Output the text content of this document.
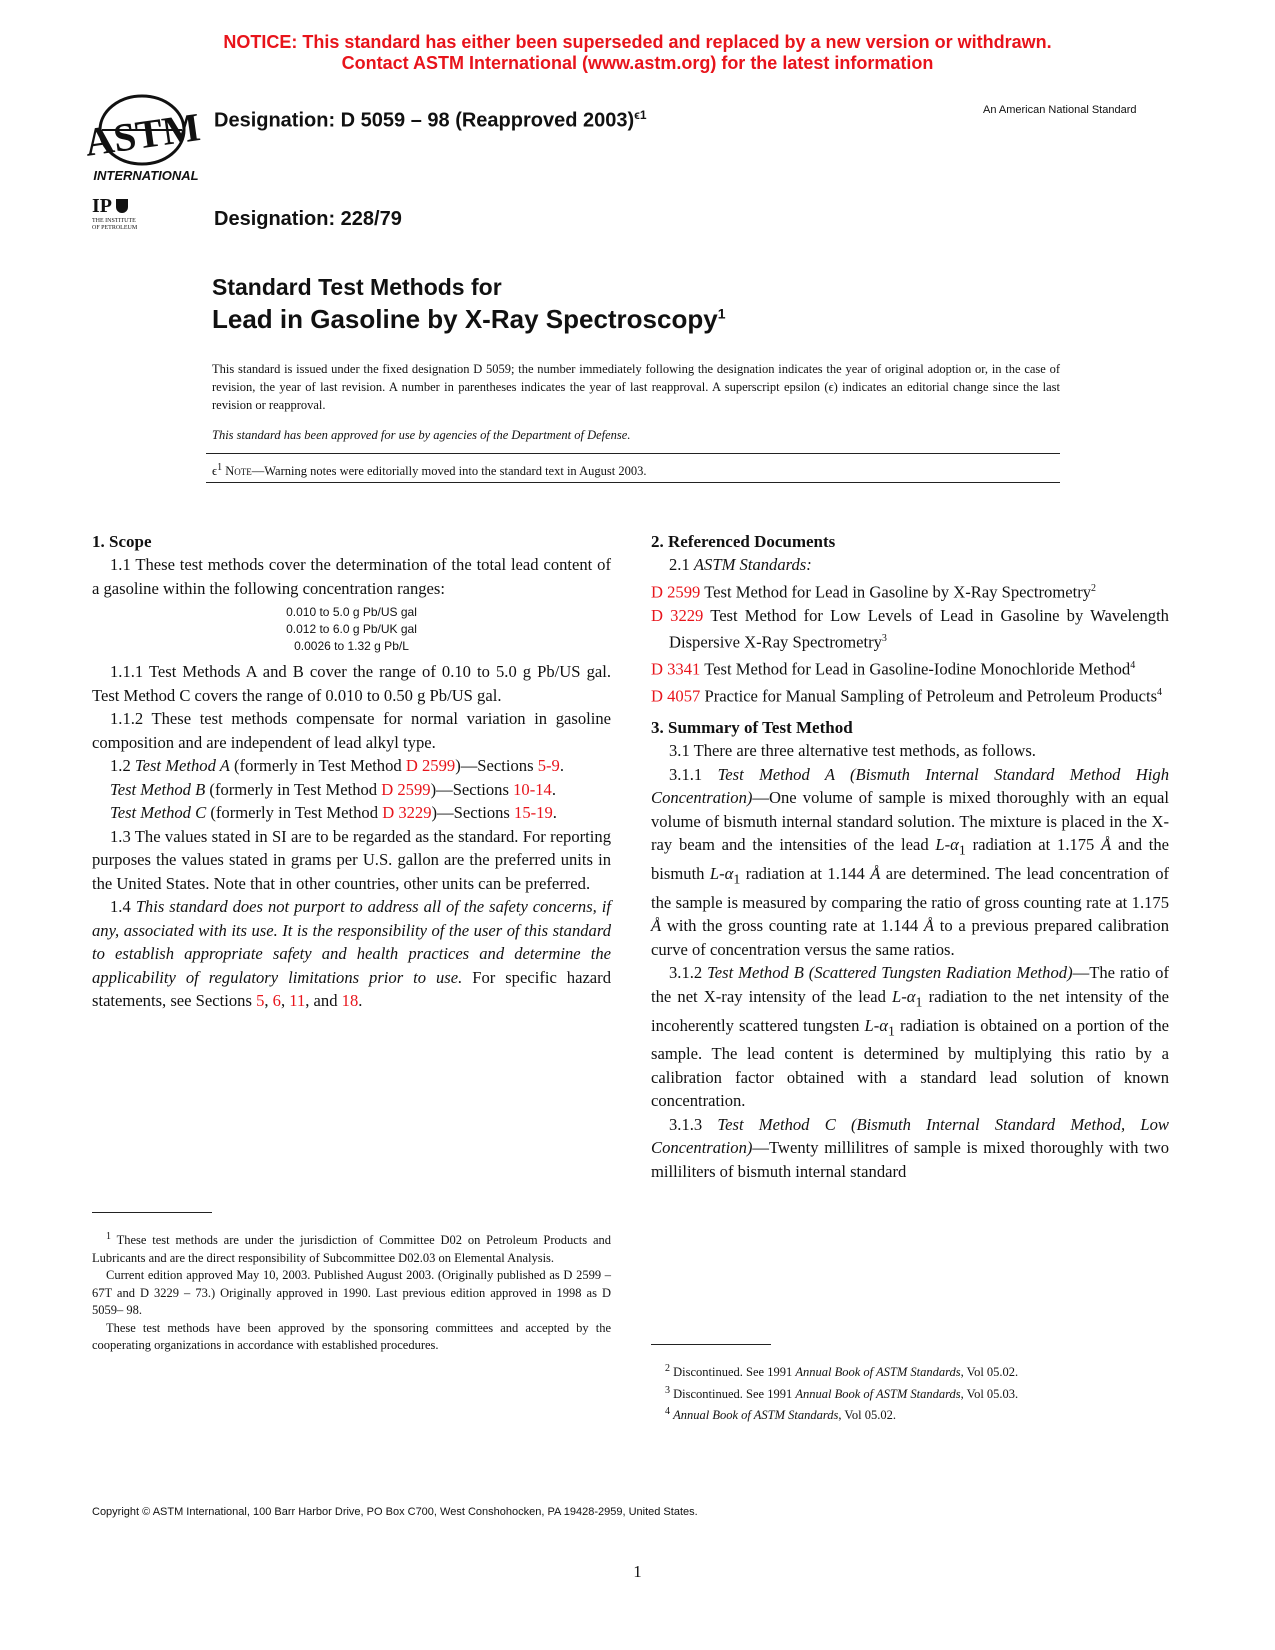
NOTICE: This standard has either been superseded and replaced by a new version or withdrawn.
Contact ASTM International (www.astm.org) for the latest information
ASTM
INTERNATIONAL
IP
THE INSTITUTE OF PETROLEUM
Designation: D 5059 – 98 (Reapproved 2003)$^{\epsilon 1}$	An American National Standard
Designation: 228/79
Standard Test Methods for
Lead in Gasoline by X-Ray Spectroscopy$^1$
This standard is issued under the fixed designation D 5059; the number immediately following the designation indicates the year of original adoption or, in the case of revision, the year of last revision. A number in parentheses indicates the year of last reapproval. A superscript epsilon (ϵ) indicates an editorial change since the last revision or reapproval.
This standard has been approved for use by agencies of the Department of Defense.
$\epsilon^1$ Note—Warning notes were editorially moved into the standard text in August 2003.
1. Scope

1.1 These test methods cover the determination of the total lead content of a gasoline within the following concentration ranges:

0.010 to 5.0 g Pb/US gal
0.012 to 6.0 g Pb/UK gal
0.0026 to 1.32 g Pb/L

1.1.1 Test Methods A and B cover the range of 0.10 to 5.0 g Pb/US gal. Test Method C covers the range of 0.010 to 0.50 g Pb/US gal.

1.1.2 These test methods compensate for normal variation in gasoline composition and are independent of lead alkyl type.

1.2 Test Method A (formerly in Test Method D 2599)—Sections 5-9.

Test Method B (formerly in Test Method D 2599)—Sections 10-14.

Test Method C (formerly in Test Method D 3229)—Sections 15-19.

1.3 The values stated in SI are to be regarded as the standard. For reporting purposes the values stated in grams per U.S. gallon are the preferred units in the United States. Note that in other countries, other units can be preferred.

1.4 This standard does not purport to address all of the safety concerns, if any, associated with its use. It is the responsibility of the user of this standard to establish appropriate safety and health practices and determine the applicability of regulatory limitations prior to use. For specific hazard statements, see Sections 5, 6, 11, and 18.

$^1$ These test methods are under the jurisdiction of Committee D02 on Petroleum Products and Lubricants and are the direct responsibility of Subcommittee D02.03 on Elemental Analysis.

Current edition approved May 10, 2003. Published August 2003. (Originally published as D 2599 – 67T and D 3229 – 73.) Originally approved in 1990. Last previous edition approved in 1998 as D 5059– 98.

These test methods have been approved by the sponsoring committees and accepted by the cooperating organizations in accordance with established procedures.

2. Referenced Documents

2.1 ASTM Standards:

D 2599 Test Method for Lead in Gasoline by X-Ray Spectrometry$^2$

D 3229 Test Method for Low Levels of Lead in Gasoline by Wavelength Dispersive X-Ray Spectrometry$^3$

D 3341 Test Method for Lead in Gasoline-Iodine Monochloride Method$^4$

D 4057 Practice for Manual Sampling of Petroleum and Petroleum Products$^4$

3. Summary of Test Method

3.1 There are three alternative test methods, as follows.

3.1.1 Test Method A (Bismuth Internal Standard Method High Concentration)—One volume of sample is mixed thoroughly with an equal volume of bismuth internal standard solution. The mixture is placed in the X-ray beam and the intensities of the lead $L-\alpha_1$ radiation at 1.175 Å and the bismuth $L-\alpha_1$ radiation at 1.144 Å are determined. The lead concentration of the sample is measured by comparing the ratio of gross counting rate at 1.175 Å with the gross counting rate at 1.144 Å to a previous prepared calibration curve of concentration versus the same ratios.

3.1.2 Test Method B (Scattered Tungsten Radiation Method)—The ratio of the net X-ray intensity of the lead $L-\alpha_1$ radiation to the net intensity of the incoherently scattered tungsten $L-\alpha_1$ radiation is obtained on a portion of the sample. The lead content is determined by multiplying this ratio by a calibration factor obtained with a standard lead solution of known concentration.

3.1.3 Test Method C (Bismuth Internal Standard Method, Low Concentration)—Twenty millilitres of sample is mixed thoroughly with two milliliters of bismuth internal standard

$^2$ Discontinued. See 1991 Annual Book of ASTM Standards, Vol 05.02.

$^3$ Discontinued. See 1991 Annual Book of ASTM Standards, Vol 05.03.

$^4$ Annual Book of ASTM Standards, Vol 05.02.

Copyright © ASTM International, 100 Barr Harbor Drive, PO Box C700, West Conshohocken, PA 19428-2959, United States.
1
